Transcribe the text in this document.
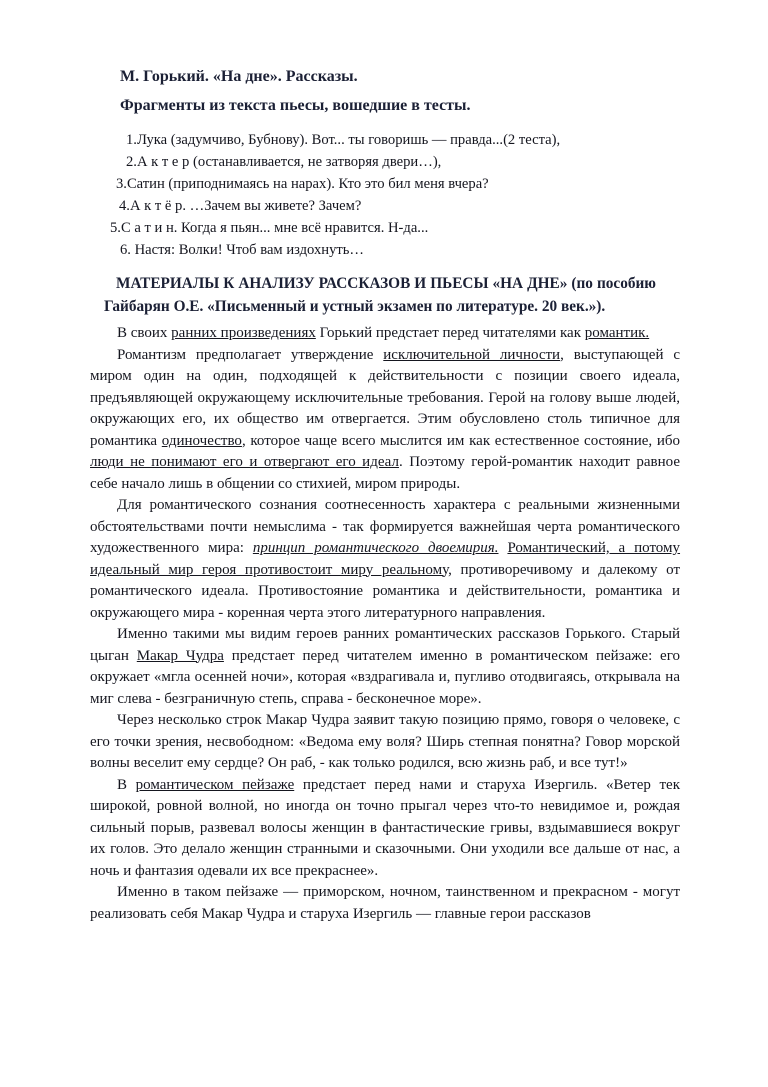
М. Горький. «На дне». Рассказы.
Фрагменты из текста пьесы, вошедшие в тесты.
1.Лука (задумчиво, Бубнову). Вот... ты говоришь — правда...(2 теста),
2.А к т е р (останавливается, не затворяя двери…),
3.Сатин (приподнимаясь на нарах). Кто это бил меня вчера?
4.А к т ё р. …Зачем вы живете? Зачем?
5.С а т и н. Когда я пьян... мне всё нравится. Н-да...
6. Настя: Волки! Чтоб вам издохнуть…

МАТЕРИАЛЫ К АНАЛИЗУ РАССКАЗОВ И ПЬЕСЫ «НА ДНЕ» (по пособию Гайбарян О.Е. «Письменный и устный экзамен по литературе. 20 век.»).

В своих ранних произведениях Горький предстает перед читателями как романтик.

Романтизм предполагает утверждение исключительной личности, выступающей с миром один на один, подходящей к действительности с позиции своего идеала, предъявляющей окружающему исключительные требования. Герой на голову выше людей, окружающих его, их общество им отвергается. Этим обусловлено столь типичное для романтика одиночество, которое чаще всего мыслится им как естественное состояние, ибо люди не понимают его и отвергают его идеал. Поэтому герой-романтик находит равное себе начало лишь в общении со стихией, миром природы.

Для романтического сознания соотнесенность характера с реальными жизненными обстоятельствами почти немыслима - так формируется важнейшая черта романтического художественного мира: принцип романтического двоемирия. Романтический, а потому идеальный мир героя противостоит миру реальному, противоречивому и далекому от романтического идеала. Противостояние романтика и действительности, романтика и окружающего мира - коренная черта этого литературного направления.

Именно такими мы видим героев ранних романтических рассказов Горького. Старый цыган Макар Чудра предстает перед читателем именно в романтическом пейзаже: его окружает «мгла осенней ночи», которая «вздрагивала и, пугливо отодвигаясь, открывала на миг слева - безграничную степь, справа - бесконечное море».

Через несколько строк Макар Чудра заявит такую позицию прямо, говоря о человеке, с его точки зрения, несвободном: «Ведома ему воля? Ширь степная понятна? Говор морской волны веселит ему сердце? Он раб, - как только родился, всю жизнь раб, и все тут!»

В романтическом пейзаже предстает перед нами и старуха Изергиль. «Ветер тек широкой, ровной волной, но иногда он точно прыгал через что-то невидимое и, рождая сильный порыв, развевал волосы женщин в фантастические гривы, вздымавшиеся вокруг их голов. Это делало женщин странными и сказочными. Они уходили все дальше от нас, а ночь и фантазия одевали их все прекраснее».

Именно в таком пейзаже — приморском, ночном, таинственном и прекрасном - могут реализовать себя Макар Чудра и старуха Изергиль — главные герои рассказов
